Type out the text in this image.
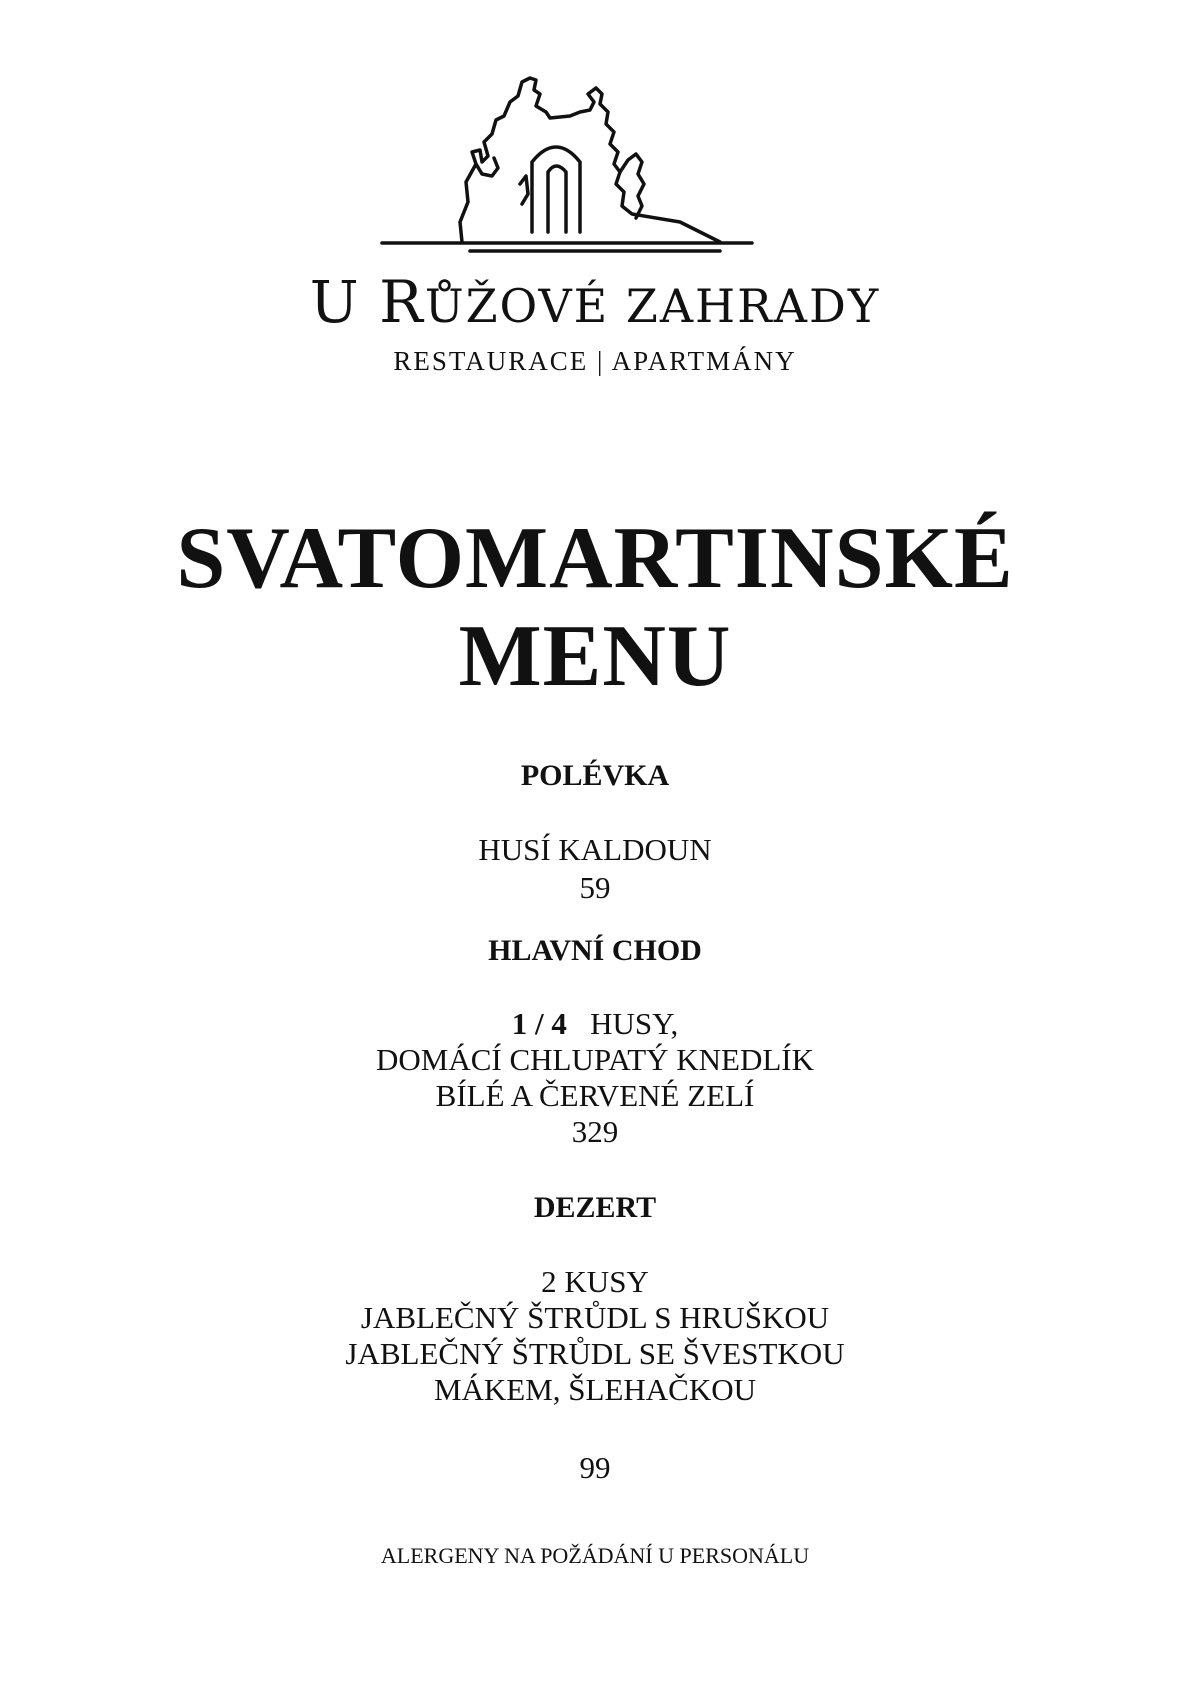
U RŮŽOVÉ ZAHRADY
RESTAURACE | APARTMÁNY
SVATOMARTINSKÉ
MENU
POLÉVKA
HUSÍ KALDOUN
59
HLAVNÍ CHOD
1 / 4 HUSY,
DOMÁCÍ CHLUPATÝ KNEDLÍK
BÍLÉ A ČERVENÉ ZELÍ
329
DEZERT
2 KUSY
JABLEČNÝ ŠTRŮDL S HRUŠKOU
JABLEČNÝ ŠTRŮDL SE ŠVESTKOU
MÁKEM, ŠLEHAČKOU
99
ALERGENY NA POŽÁDÁNÍ U PERSONÁLU
